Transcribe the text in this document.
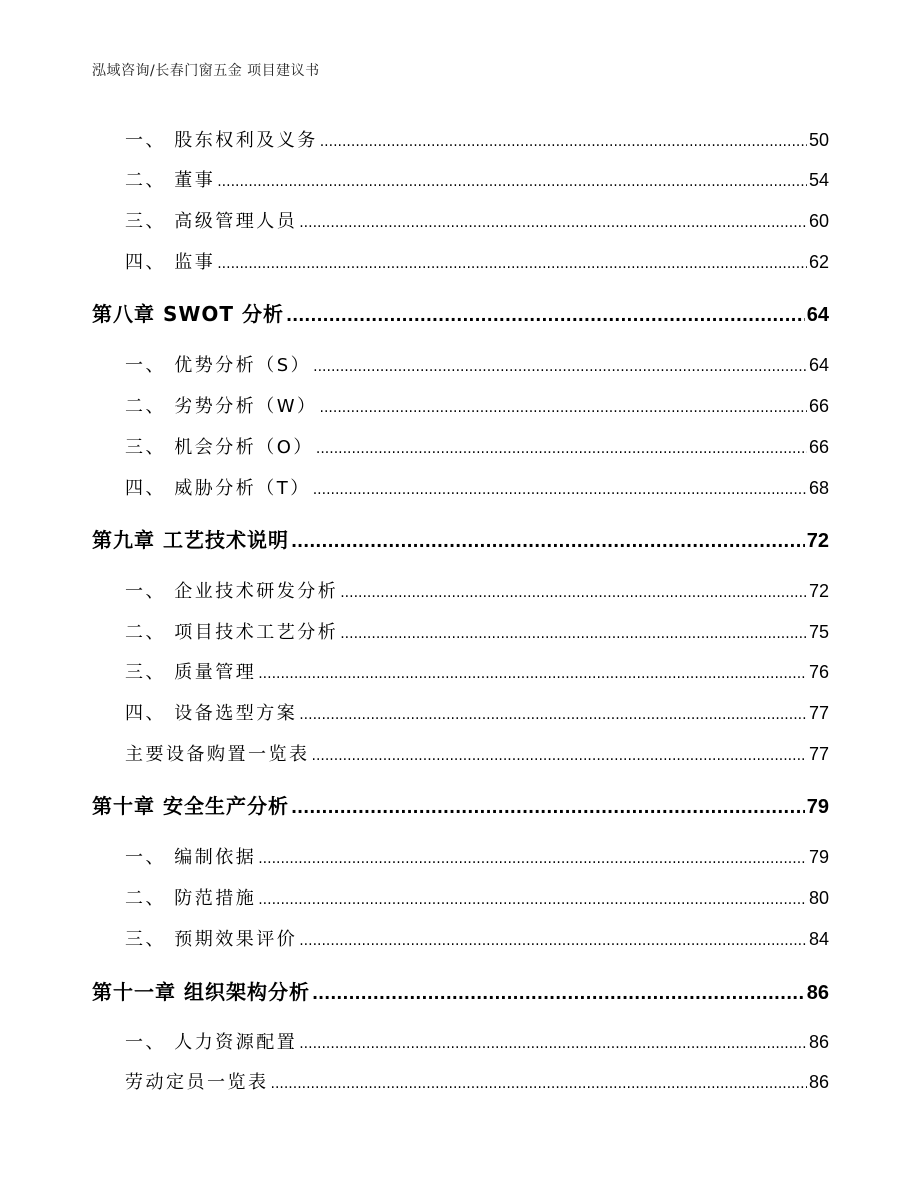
泓域咨询/长春门窗五金 项目建议书
一、 股东权利及义务 .....	50
二、 董事 .....	54
三、 高级管理人员 .....	60
四、 监事 .....	62
第八章 SWOT 分析 .....	64
一、 优势分析（S） .....	64
二、 劣势分析（W） .....	66
三、 机会分析（O） .....	66
四、 威胁分析（T） .....	68
第九章 工艺技术说明 .....	72
一、 企业技术研发分析 .....	72
二、 项目技术工艺分析 .....	75
三、 质量管理 .....	76
四、 设备选型方案 .....	77
主要设备购置一览表 .....	77
第十章 安全生产分析 .....	79
一、 编制依据 .....	79
二、 防范措施 .....	80
三、 预期效果评价 .....	84
第十一章 组织架构分析 .....	86
一、 人力资源配置 .....	86
劳动定员一览表 .....	86
